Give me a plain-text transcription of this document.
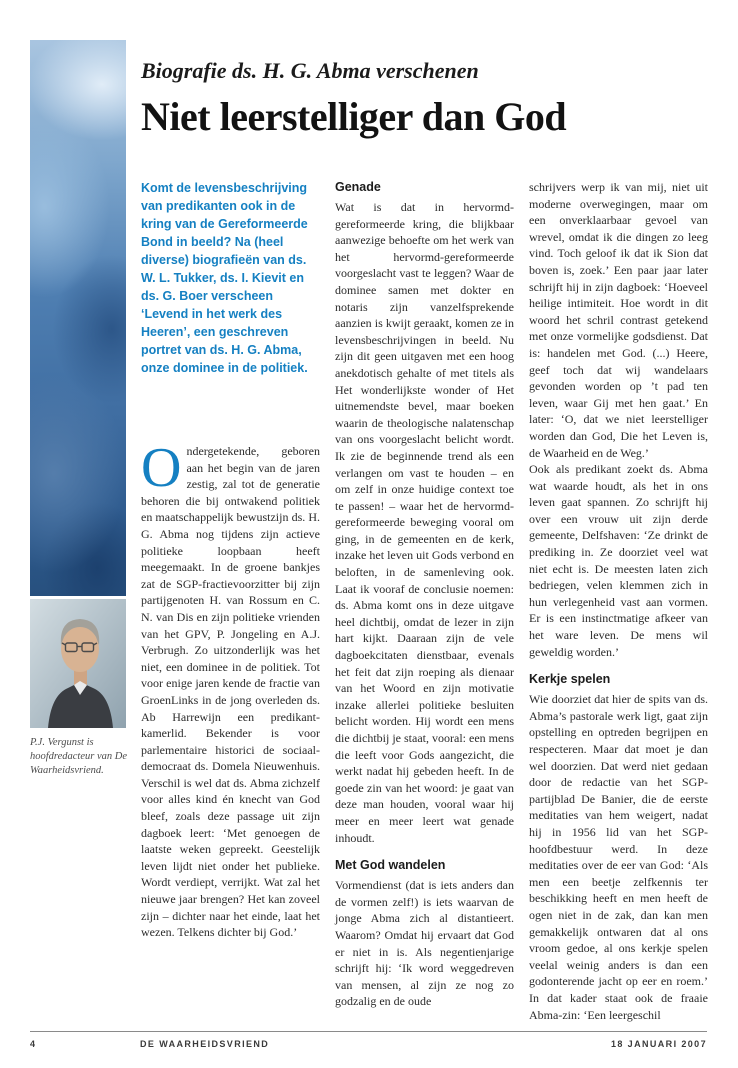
P.J. Vergunst is hoofdredacteur van De Waarheidsvriend.
Biografie ds. H. G. Abma verschenen
Niet leerstelliger dan God

Komt de levensbeschrijving van predikanten ook in de kring van de Gereformeerde Bond in beeld? Na (heel diverse) biografieën van ds. W. L. Tukker, ds. I. Kievit en ds. G. Boer verscheen ‘Levend in het werk des Heeren’, een geschreven portret van ds. H. G. Abma, onze dominee in de politiek.

Ondergetekende, geboren aan het begin van de jaren zestig, zal tot de generatie behoren die bij ontwakend politiek en maatschappelijk bewustzijn ds. H. G. Abma nog tijdens zijn actieve politieke loopbaan heeft meegemaakt. In de groene bankjes zat de SGP-fractievoorzitter bij zijn partijgenoten H. van Rossum en C. N. van Dis en zijn politieke vrienden van het GPV, P. Jongeling en A.J. Verbrugh. Zo uitzonderlijk was het niet, een dominee in de politiek. Tot voor enige jaren kende de fractie van GroenLinks in de jong overleden ds. Ab Harrewijn een predikant-kamerlid. Bekender is voor parlementaire historici de sociaal-democraat ds. Domela Nieuwenhuis. Verschil is wel dat ds. Abma zichzelf voor alles kind én knecht van God bleef, zoals deze passage uit zijn dagboek leert: ‘Met genoegen de laatste weken gepreekt. Geestelijk leven lijdt niet onder het publieke. Wordt verdiept, verrijkt. Wat zal het nieuwe jaar brengen? Het kan zoveel zijn – dichter naar het einde, laat het wezen. Telkens dichter bij God.’

Genade

Wat is dat in hervormd-gereformeerde kring, die blijkbaar aanwezige behoefte om het werk van het hervormd-gereformeerde voorgeslacht vast te leggen? Waar de dominee samen met dokter en notaris zijn vanzelfsprekende aanzien is kwijt geraakt, komen ze in levensbeschrijvingen in beeld. Nu zijn dit geen uitgaven met een hoog anekdotisch gehalte of met titels als Het wonderlijkste wonder of Het uitnemendste bevel, maar boeken waarin de theologische nalatenschap van ons voorgeslacht belicht wordt. Ik zie de beginnende trend als een verlangen om vast te houden – en om zelf in onze huidige context toe te passen! – waar het de hervormd-gereformeerde beweging vooral om ging, in de gemeenten en de kerk, inzake het leven uit Gods verbond en beloften, in de samenleving ook. Laat ik vooraf de conclusie noemen: ds. Abma komt ons in deze uitgave heel dichtbij, omdat de lezer in zijn hart kijkt. Daaraan zijn de vele dagboekcitaten dienstbaar, evenals het feit dat zijn roeping als dienaar van het Woord en zijn motivatie inzake allerlei politieke besluiten belicht worden. Hij wordt een mens die dichtbij je staat, vooral: een mens die leeft voor Gods aangezicht, die werkt nadat hij gebeden heeft. In de goede zin van het woord: je gaat van deze man houden, vooral waar hij meer en meer leert wat genade inhoudt.

Met God wandelen

Vormendienst (dat is iets anders dan de vormen zelf!) is iets waarvan de jonge Abma zich al distantieert. Waarom? Omdat hij ervaart dat God er niet in is. Als negentienjarige schrijft hij: ‘Ik word weggedreven van mensen, al zijn ze nog zo godzalig en de oude

schrijvers werp ik van mij, niet uit moderne overwegingen, maar om een onverklaarbaar gevoel van wrevel, omdat ik die dingen zo leeg vind. Toch geloof ik dat ik Sion dat boven is, zoek.’ Een paar jaar later schrijft hij in zijn dagboek: ‘Hoeveel heilige intimiteit. Hoe wordt in dit woord het schril contrast getekend met onze vormelijke godsdienst. Dat is: handelen met God. (...) Heere, geef toch dat wij wandelaars gevonden worden op ’t pad ten leven, waar Gij met hen gaat.’ En later: ‘O, dat we niet leerstelliger worden dan God, Die het Leven is, de Waarheid en de Weg.’

Ook als predikant zoekt ds. Abma wat waarde houdt, als het in ons leven gaat spannen. Zo schrijft hij over een vrouw uit zijn derde gemeente, Delfshaven: ‘Ze drinkt de prediking in. Ze doorziet veel wat niet echt is. De meesten laten zich bedriegen, velen klemmen zich in hun verlegenheid vast aan vormen. Er is een instinctmatige afkeer van het ware leven. De mens wil geweldig worden.’

Kerkje spelen

Wie doorziet dat hier de spits van ds. Abma’s pastorale werk ligt, gaat zijn opstelling en optreden begrijpen en respecteren. Maar dat moet je dan wel doorzien. Dat werd niet gedaan door de redactie van het SGP-partijblad De Banier, die de eerste meditaties van hem weigert, nadat hij in 1956 lid van het SGP-hoofdbestuur werd. In deze meditaties over de eer van God: ‘Als men een beetje zelfkennis ter beschikking heeft en men heeft de ogen niet in de zak, dan kan men gemakkelijk ontwaren dat al ons vroom gedoe, al ons kerkje spelen veelal weinig anders is dan een godonterende jacht op eer en roem.’ In dat kader staat ook de fraaie Abma-zin: ‘Een leergeschil

4	DE WAARHEIDSVRIEND	18 JANUARI 2007
